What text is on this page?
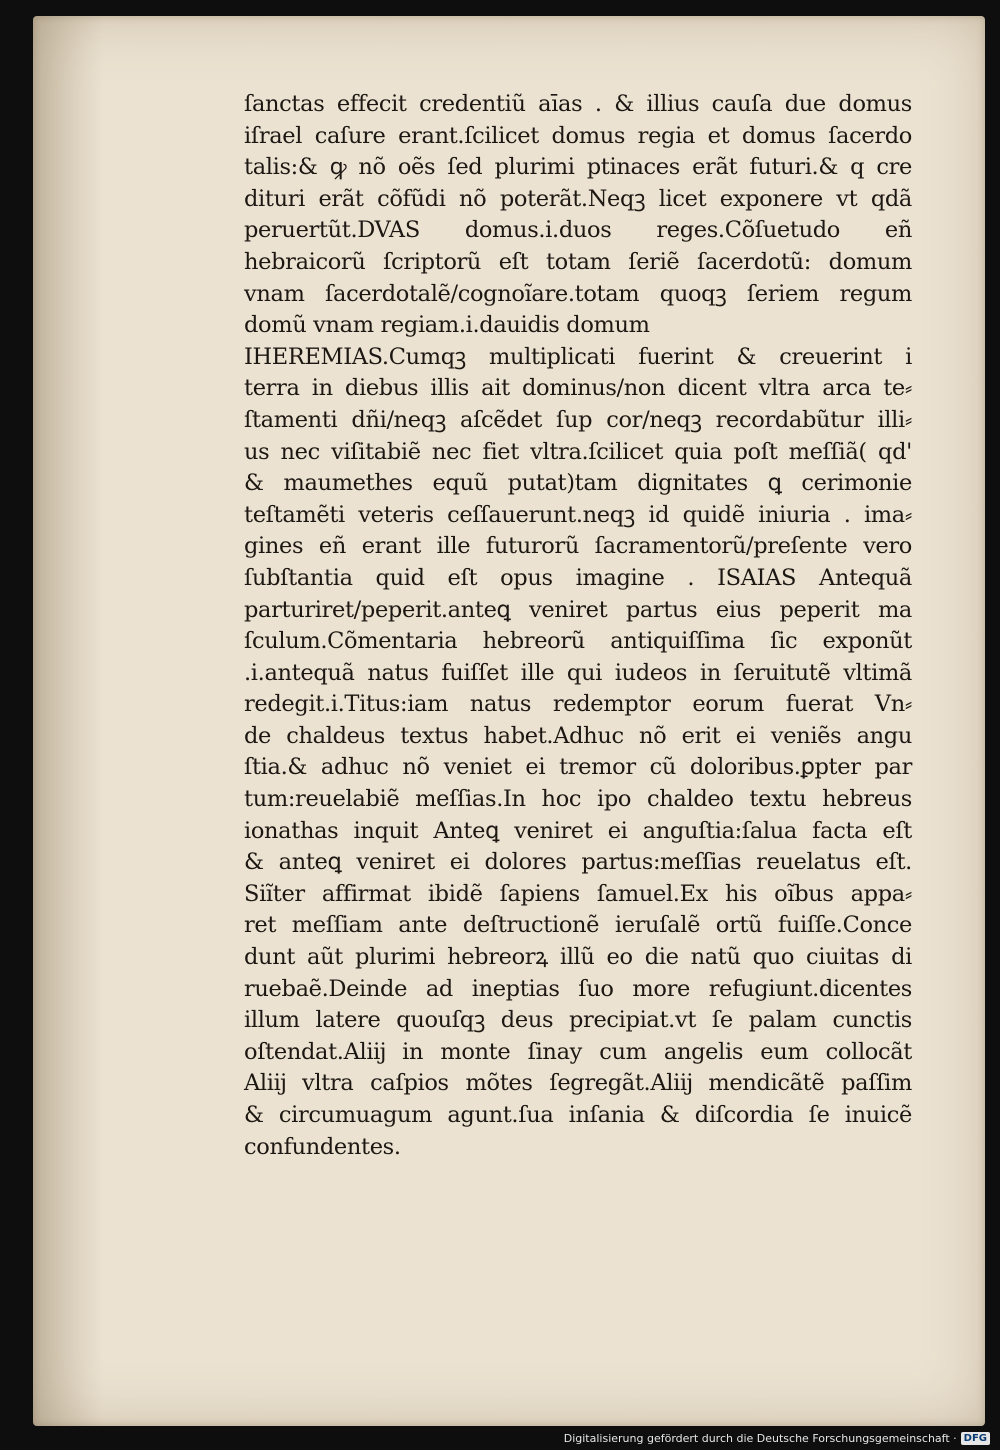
ſanctas effecit credentiũ aīas . & illius cauſa due domus
iſrael caſure erant.ſcilicet domus regia et domus ſacerdo
talis:& ꝙ nõ oẽs ſed plurimi ptinaces erãt futuri.& q cre
dituri erãt cõfũdi nõ poterãt.Neqꝫ licet exponere vt qdã
peruertũt.DVAS domus.i.duos reges.Cõſuetudo eñ
hebraicorũ ſcriptorũ eſt totam ſeriẽ ſacerdotũ: domum
vnam ſacerdotalẽ/cognoĩare.totam quoqꝫ ſeriem regum
domũ vnam regiam.i.dauidis domum
IHEREMIAS.Cumqꝫ multiplicati fuerint & creuerint i
terra in diebus illis ait dominus/non dicent vltra arca te⸗
ſtamenti dñi/neqꝫ aſcẽdet ſup cor/neqꝫ recordabũtur illi⸗
us nec viſitabiẽ nec fiet vltra.ſcilicet quia poſt meſſiã( qd'
& maumethes equũ putat)tam dignitates ꝗ cerimonie
teſtamẽti veteris ceſſauerunt.neqꝫ id quidẽ iniuria . ima⸗
gines eñ erant ille futurorũ ſacramentorũ/preſente vero
ſubſtantia quid eſt opus imagine . ISAIAS Antequã
parturiret/peperit.anteꝗ veniret partus eius peperit ma
ſculum.Cõmentaria hebreorũ antiquiſſima ſic exponũt
.i.antequã natus fuiſſet ille qui iudeos in ſeruitutẽ vltimã
redegit.i.Titus:iam natus redemptor eorum fuerat Vn⸗
de chaldeus textus habet.Adhuc nõ erit ei veniẽs angu
ſtia.& adhuc nõ veniet ei tremor cũ doloribus.ꝑpter par
tum:reuelabiẽ meſſias.In hoc ipo chaldeo textu hebreus
ionathas inquit Anteꝗ veniret ei anguſtia:ſalua facta eſt
& anteꝗ veniret ei dolores partus:meſſias reuelatus eſt.
Siĩter affirmat ibidẽ ſapiens ſamuel.Ex his oĩbus appa⸗
ret meſſiam ante deſtructionẽ ieruſalẽ ortũ fuiſſe.Conce
dunt aũt plurimi hebreorꝝ illũ eo die natũ quo ciuitas di
ruebaẽ.Deinde ad ineptias ſuo more refugiunt.dicentes
illum latere quouſqꝫ deus precipiat.vt ſe palam cunctis
oſtendat.Aliĳ in monte ſinay cum angelis eum collocãt
Aliĳ vltra caſpios mõtes ſegregãt.Aliĳ mendicãtẽ paſſim
& circumuagum agunt.ſua inſania & diſcordia ſe inuicẽ
confundentes.
Digitalisierung gefördert durch die Deutsche Forschungsgemeinschaft · DFG
